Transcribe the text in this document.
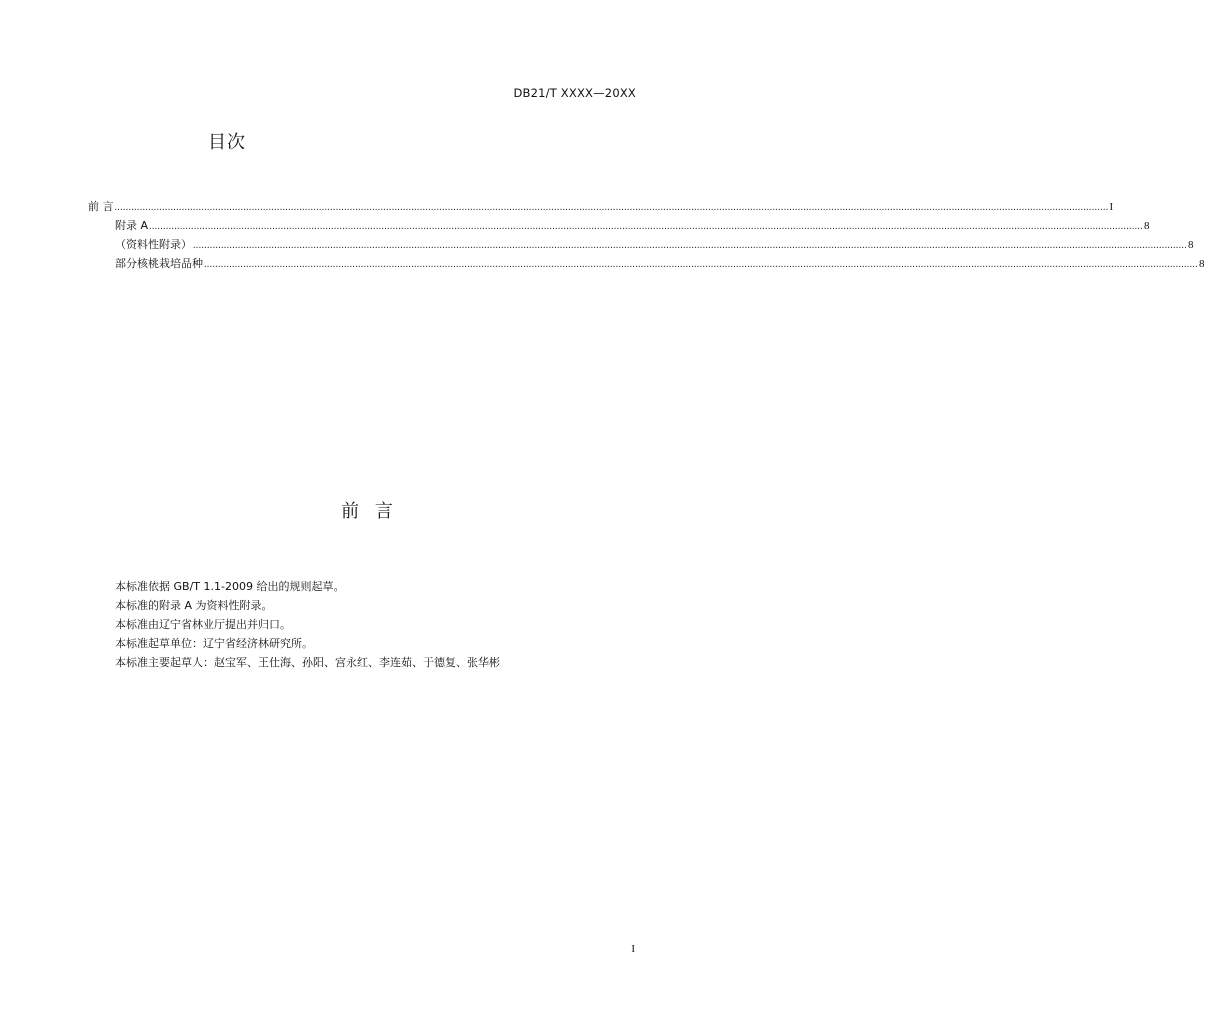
DB21/T XXXX—20XX
目次
前 言 ................................................................................................................................................................................................................................................................................................................................................................... I
附录 A ................................................................................................................................................................................................................................................................................................................................................................... 8
（资料性附录） ................................................................................................................................................................................................................................................................................................................................................................... 8
部分核桃栽培品种 ................................................................................................................................................................................................................................................................................................................................................................... 8
前 言
本标准依据 GB/T 1.1-2009 给出的规则起草。
本标准的附录 A 为资料性附录。
本标准由辽宁省林业厅提出并归口。
本标准起草单位：辽宁省经济林研究所。
本标准主要起草人：赵宝军、王仕海、孙阳、宫永红、李连茹、于德复、张华彬
I
